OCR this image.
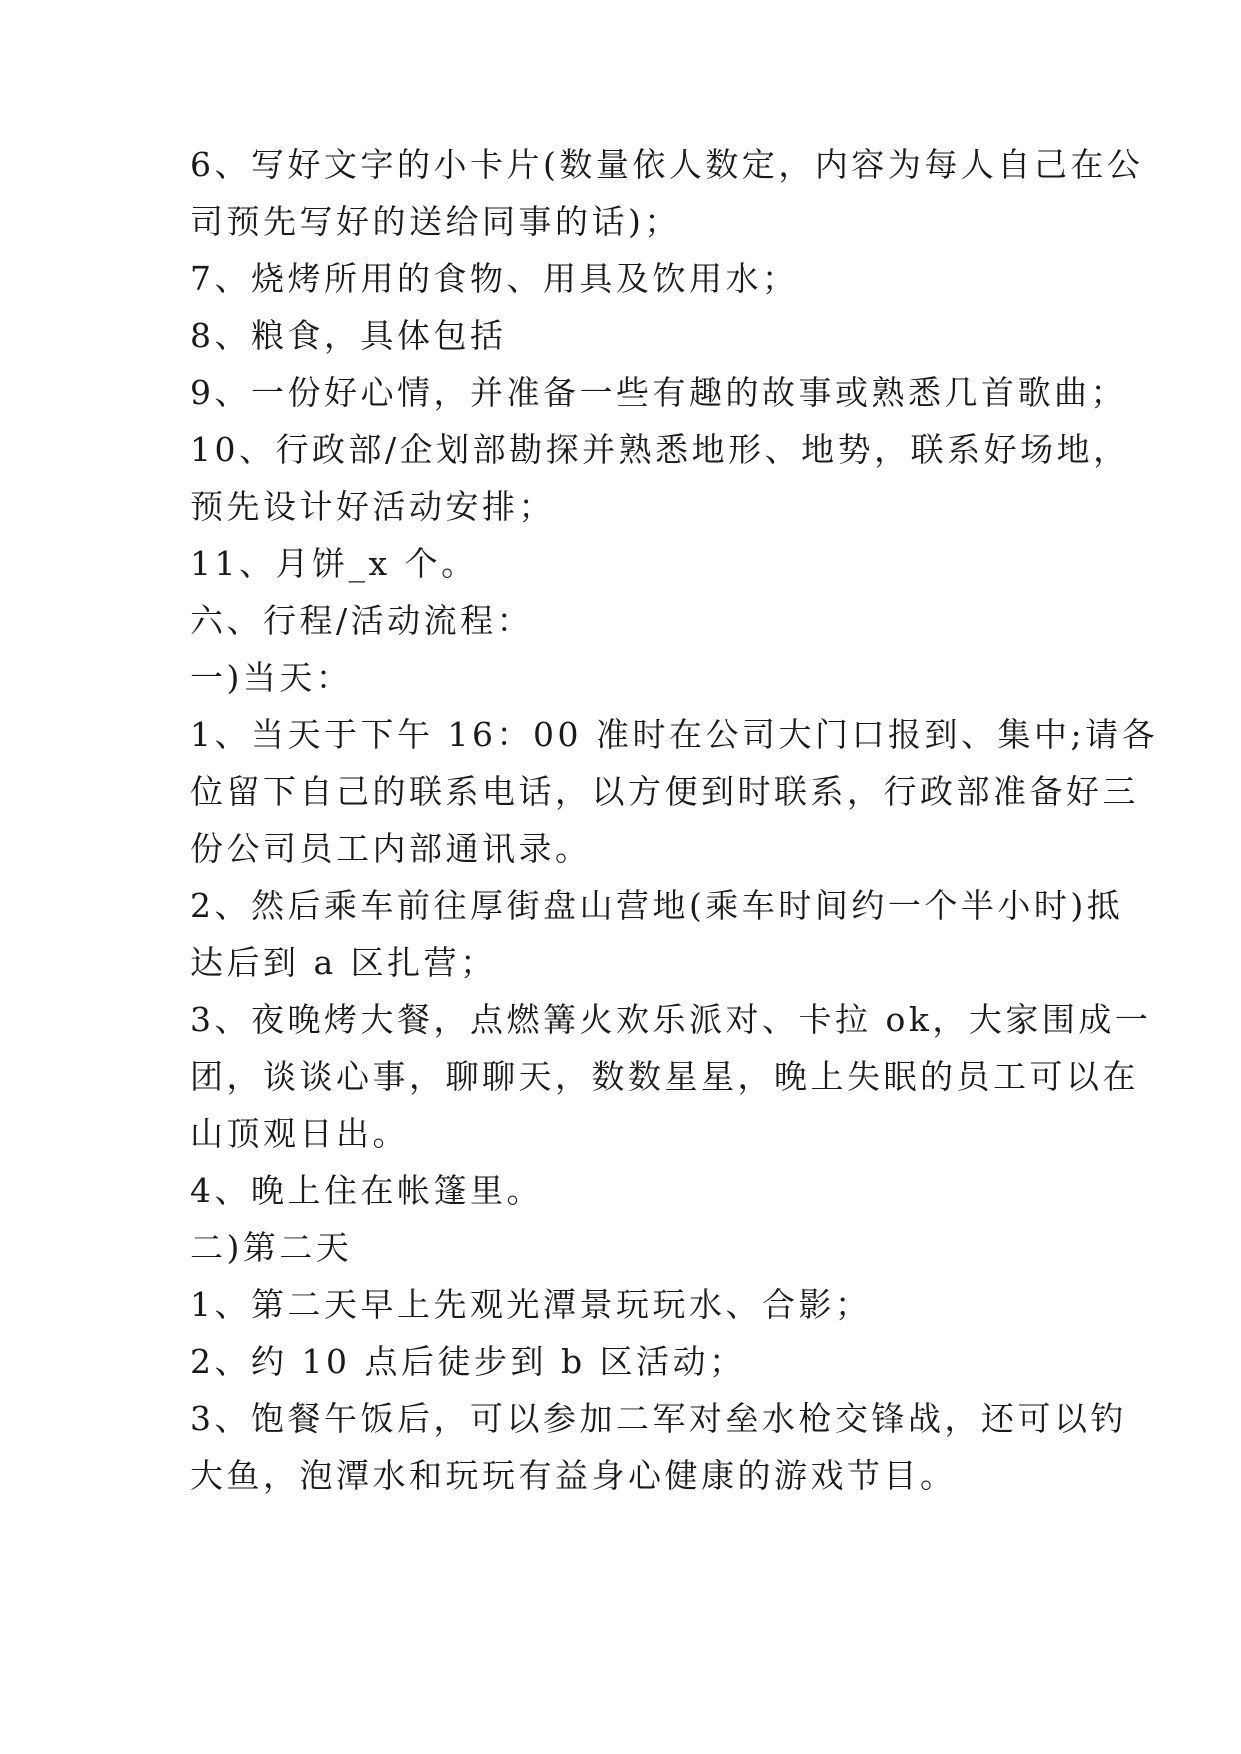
6、写好文字的小卡片(数量依人数定，内容为每人自己在公
司预先写好的送给同事的话)；
7、烧烤所用的食物、用具及饮用水；
8、粮食，具体包括
9、一份好心情，并准备一些有趣的故事或熟悉几首歌曲；
10、行政部/企划部勘探并熟悉地形、地势，联系好场地，
预先设计好活动安排；
11、月饼_x 个。
六、行程/活动流程：
一)当天：
1、当天于下午 16：00 准时在公司大门口报到、集中;请各
位留下自己的联系电话，以方便到时联系，行政部准备好三
份公司员工内部通讯录。
2、然后乘车前往厚街盘山营地(乘车时间约一个半小时)抵
达后到 a 区扎营；
3、夜晚烤大餐，点燃篝火欢乐派对、卡拉 ok，大家围成一
团，谈谈心事，聊聊天，数数星星，晚上失眠的员工可以在
山顶观日出。
4、晚上住在帐篷里。
二)第二天
1、第二天早上先观光潭景玩玩水、合影；
2、约 10 点后徒步到 b 区活动；
3、饱餐午饭后，可以参加二军对垒水枪交锋战，还可以钓
大鱼，泡潭水和玩玩有益身心健康的游戏节目。
